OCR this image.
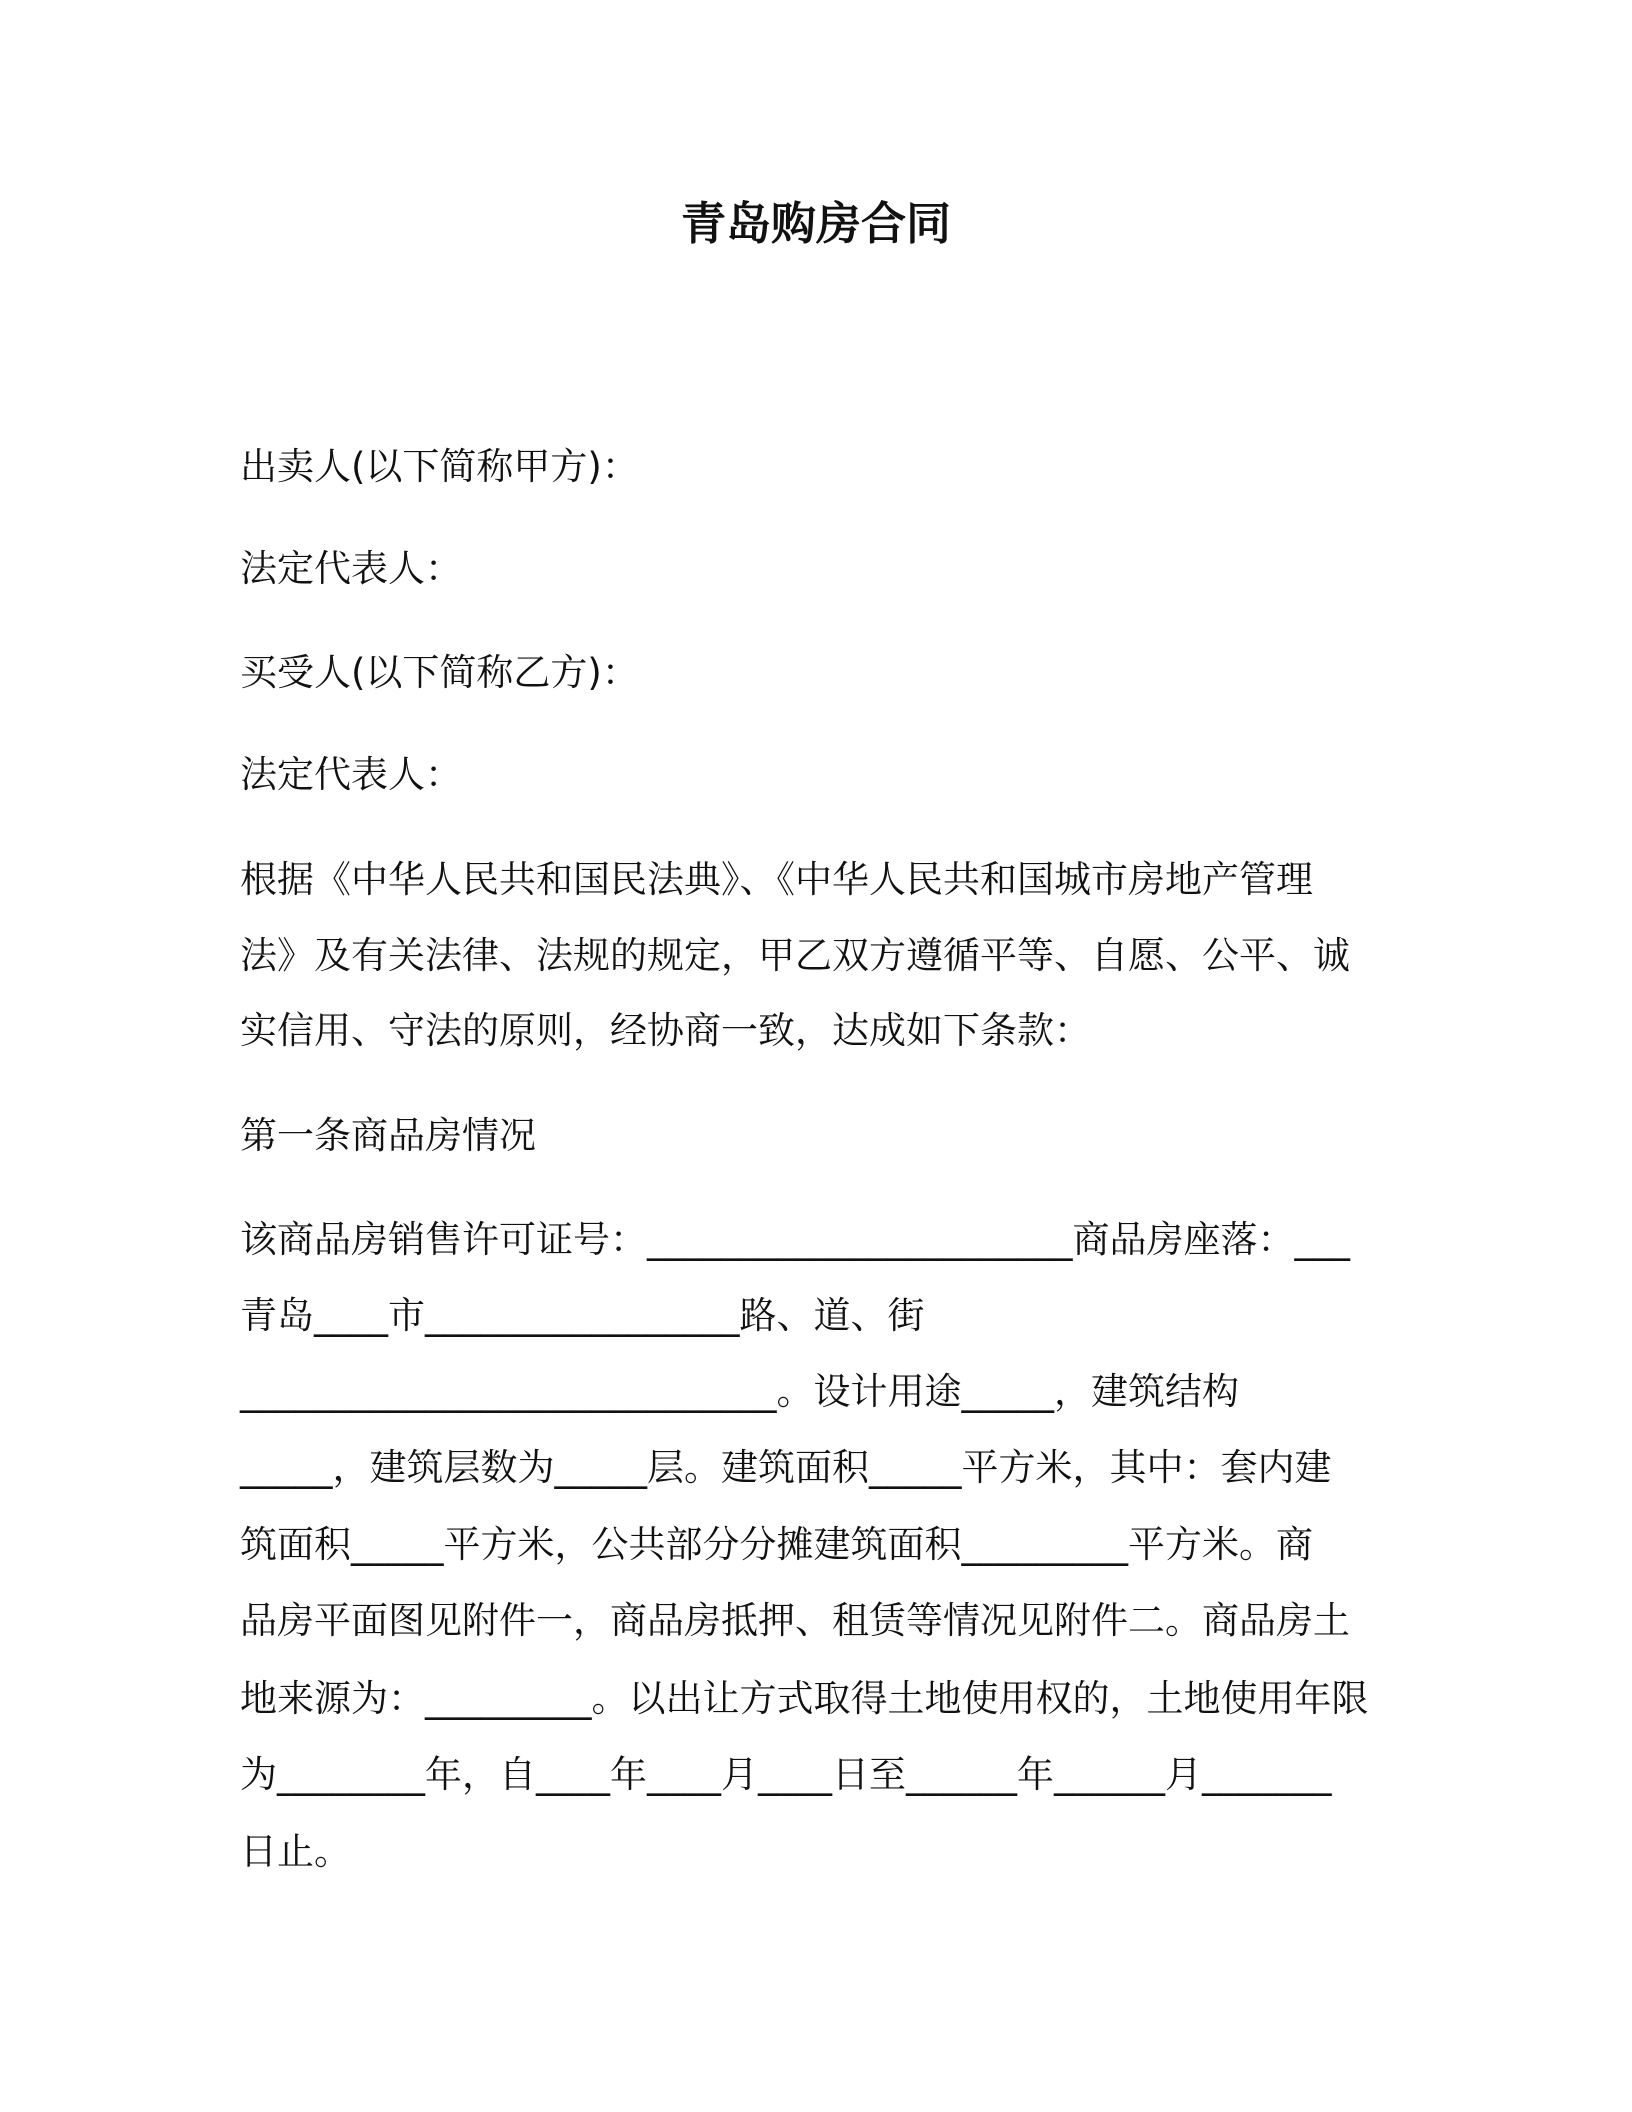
青岛购房合同
出卖人(以下简称甲方)：
法定代表人：
买受人(以下简称乙方)：
法定代表人：
根据《中华人民共和国民法典》、《中华人民共和国城市房地产管理
法》及有关法律、法规的规定，甲乙双方遵循平等、自愿、公平、诚
实信用、守法的原则，经协商一致，达成如下条款：
第一条商品房情况
该商品房销售许可证号：_______________________商品房座落：___
青岛____市_________________路、道、街
_____________________________。设计用途_____，建筑结构
_____，建筑层数为_____层。建筑面积_____平方米，其中：套内建
筑面积_____平方米，公共部分分摊建筑面积_________平方米。商
品房平面图见附件一，商品房抵押、租赁等情况见附件二。商品房土
地来源为：_________。以出让方式取得土地使用权的，土地使用年限
为________年，自____年____月____日至______年______月_______
日止。
